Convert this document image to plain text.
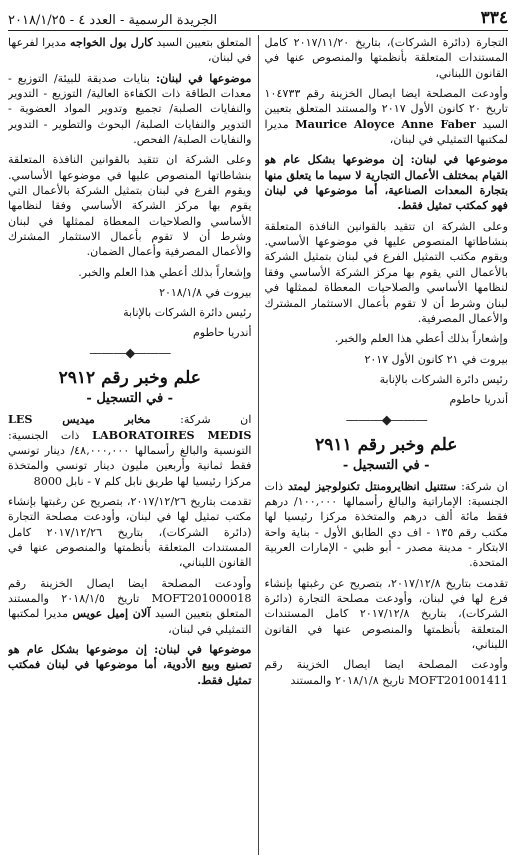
٣٣٤
الجريدة الرسمية - العدد ٤ - ٢٠١٨/١/٢٥

التجارة (دائرة الشركات)، بتاريخ ٢٠١٧/١١/٢٠ كامل المستندات المتعلقة بأنظمتها والمنصوص عنها في القانون اللبناني،

وأودعت المصلحة ايضا ايصال الخزينة رقم ١٠٤٧٣٣ تاريخ ٢٠ كانون الأول ٢٠١٧ والمستند المتعلق بتعيين السيد Maurice Aloyce Anne Faber مديرا لمكتبها التمثيلي في لبنان،

موضوعها في لبنان: إن موضوعها بشكل عام هو القيام بمختلف الأعمال التجارية لا سيما ما يتعلق منها بتجارة المعدات الصناعية، أما موضوعها في لبنان فهو كمكتب تمثيل فقط.

وعلى الشركة ان تتقيد بالقوانين النافذة المتعلقة بنشاطاتها المنصوص عليها في موضوعها الأساسي. ويقوم مكتب التمثيل الفرع في لبنان بتمثيل الشركة بالأعمال التي يقوم بها مركز الشركة الأساسي وفقا لنظامها الأساسي والصلاحيات المعطاة لممثلها في لبنان وشرط أن لا تقوم بأعمال الاستثمار المشترك والأعمال المصرفية.

وإشعاراً بذلك أعطي هذا العلم والخبر.

بيروت في ٢١ كانون الأول ٢٠١٧

رئيس دائرة الشركات بالإنابة

أندريا حاطوم

———◆———
علم وخبر رقم ٢٩١١
- في التسجيل -

ان شركة: ستتنيل انظايرومنتل تكنولوجيز ليمتد ذات الجنسية: الإماراتية والبالغ رأسمالها ١٠٠,٠٠٠/ درهم فقط مائة ألف درهم والمتخذة مركزا رئيسيا لها مكتب رقم ١٣٥ - اف دي الطابق الأول - بناية واحة الابتكار - مدينة مصدر - أبو ظبي - الإمارات العربية المتحدة.

تقدمت بتاريخ ٢٠١٧/١٢/٨، بتصريح عن رغبتها بإنشاء فرع لها في لبنان، وأودعت مصلحة التجارة (دائرة الشركات)، بتاريخ ٢٠١٧/١٢/٨ كامل المستندات المتعلقة بأنظمتها والمنصوص عنها في القانون اللبناني،

وأودعت المصلحة ايضا ايصال الخزينة رقم MOFT201001411 تاريخ ٢٠١٨/١/٨ والمستند

المتعلق بتعيين السيد كارل بول الخواجه مديرا لفرعها في لبنان،

موضوعها في لبنان: بنايات صديقة للبيئة/ التوزيع - معدات الطاقة ذات الكفاءة العالية/ التوزيع - التدوير والنفايات الصلبة/ تجميع وتدوير المواد العضوية - التدوير والنفايات الصلبة/ البحوث والتطوير - التدوير والنفايات الصلبة/ الفحص.

وعلى الشركة ان تتقيد بالقوانين النافذة المتعلقة بنشاطاتها المنصوص عليها في موضوعها الأساسي. ويقوم الفرع في لبنان بتمثيل الشركة بالأعمال التي يقوم بها مركز الشركة الأساسي وفقا لنظامها الأساسي والصلاحيات المعطاة لممثلها في لبنان وشرط أن لا تقوم بأعمال الاستثمار المشترك والأعمال المصرفية وأعمال الضمان.

وإشعاراً بذلك أعطي هذا العلم والخبر.

بيروت في ٢٠١٨/١/٨

رئيس دائرة الشركات بالإنابة

أندريا حاطوم

———◆———
علم وخبر رقم ٢٩١٢
- في التسجيل -

ان شركة: مخابر ميديس LES LABORATOIRES MEDIS ذات الجنسية: التونسية والبالغ رأسمالها ٤٨,٠٠٠,٠٠٠/ دينار تونسي فقط ثمانية وأربعين مليون دينار تونسي والمتخذة مركزا رئيسيا لها طريق نابل كلم ٧ - نابل 8000

تقدمت بتاريخ ٢٠١٧/١٢/٢٦، بتصريح عن رغبتها بإنشاء مكتب تمثيل لها في لبنان، وأودعت مصلحة التجارة (دائرة الشركات)، بتاريخ ٢٠١٧/١٢/٢٦ كامل المستندات المتعلقة بأنظمتها والمنصوص عنها في القانون اللبناني،

وأودعت المصلحة ايضا ايصال الخزينة رقم MOFT201000018 تاريخ ٢٠١٨/١/٥ والمستند المتعلق بتعيين السيد آلان إميل عويس مديرا لمكتبها التمثيلي في لبنان،

موضوعها في لبنان: إن موضوعها بشكل عام هو تصنيع وبيع الأدوية، أما موضوعها في لبنان فمكتب تمثيل فقط.
